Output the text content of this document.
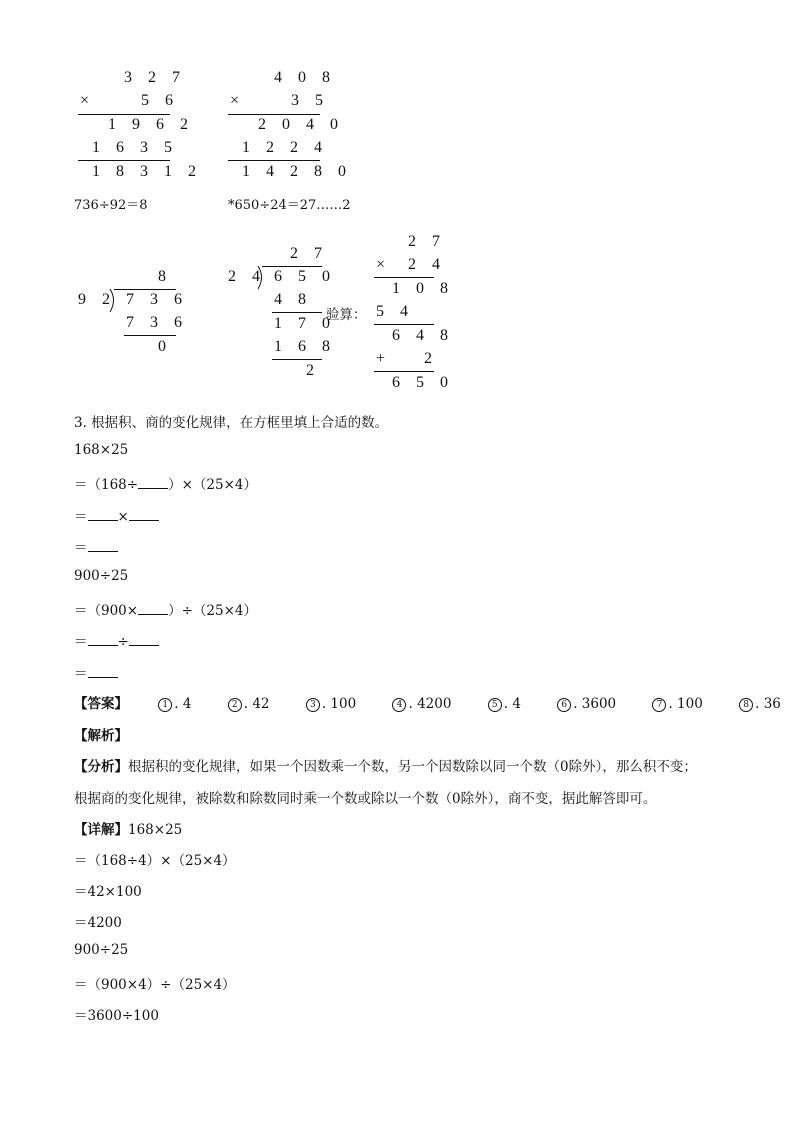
3 2 7
×	5 6
1 9 6 2
1 6 3 5
1 8 3 1 2
4 0 8
×	3 5
2 0 4 0
1 2 2 4
1 4 2 8 0
736÷92＝8	*650÷24＝27……2
8
9 2 7 3 6
7 3 6
0
2 7
2 4 6 5 0
4 8
1 7 0
1 6 8
2
验算：
2 7
× 2 4
1 0 8
5 4
6 4 8
+ 2
6 5 0
3. 根据积、商的变化规律，在方框里填上合适的数。
168×25
＝（168÷ ）×（25×4）
＝ ×
＝
900÷25
＝（900× ）÷（25×4）
＝ ÷
＝
【答案】	1 . 4	2 . 42	3 . 100	4 . 4200	5 . 4	6 . 3600	7 . 100	8 . 36
【解析】
【分析】根据积的变化规律，如果一个因数乘一个数，另一个因数除以同一个数（0除外），那么积不变；
根据商的变化规律，被除数和除数同时乘一个数或除以一个数（0除外），商不变，据此解答即可。
【详解】168×25
＝（168÷4）×（25×4）
＝42×100
＝4200
900÷25
＝（900×4）÷（25×4）
＝3600÷100
